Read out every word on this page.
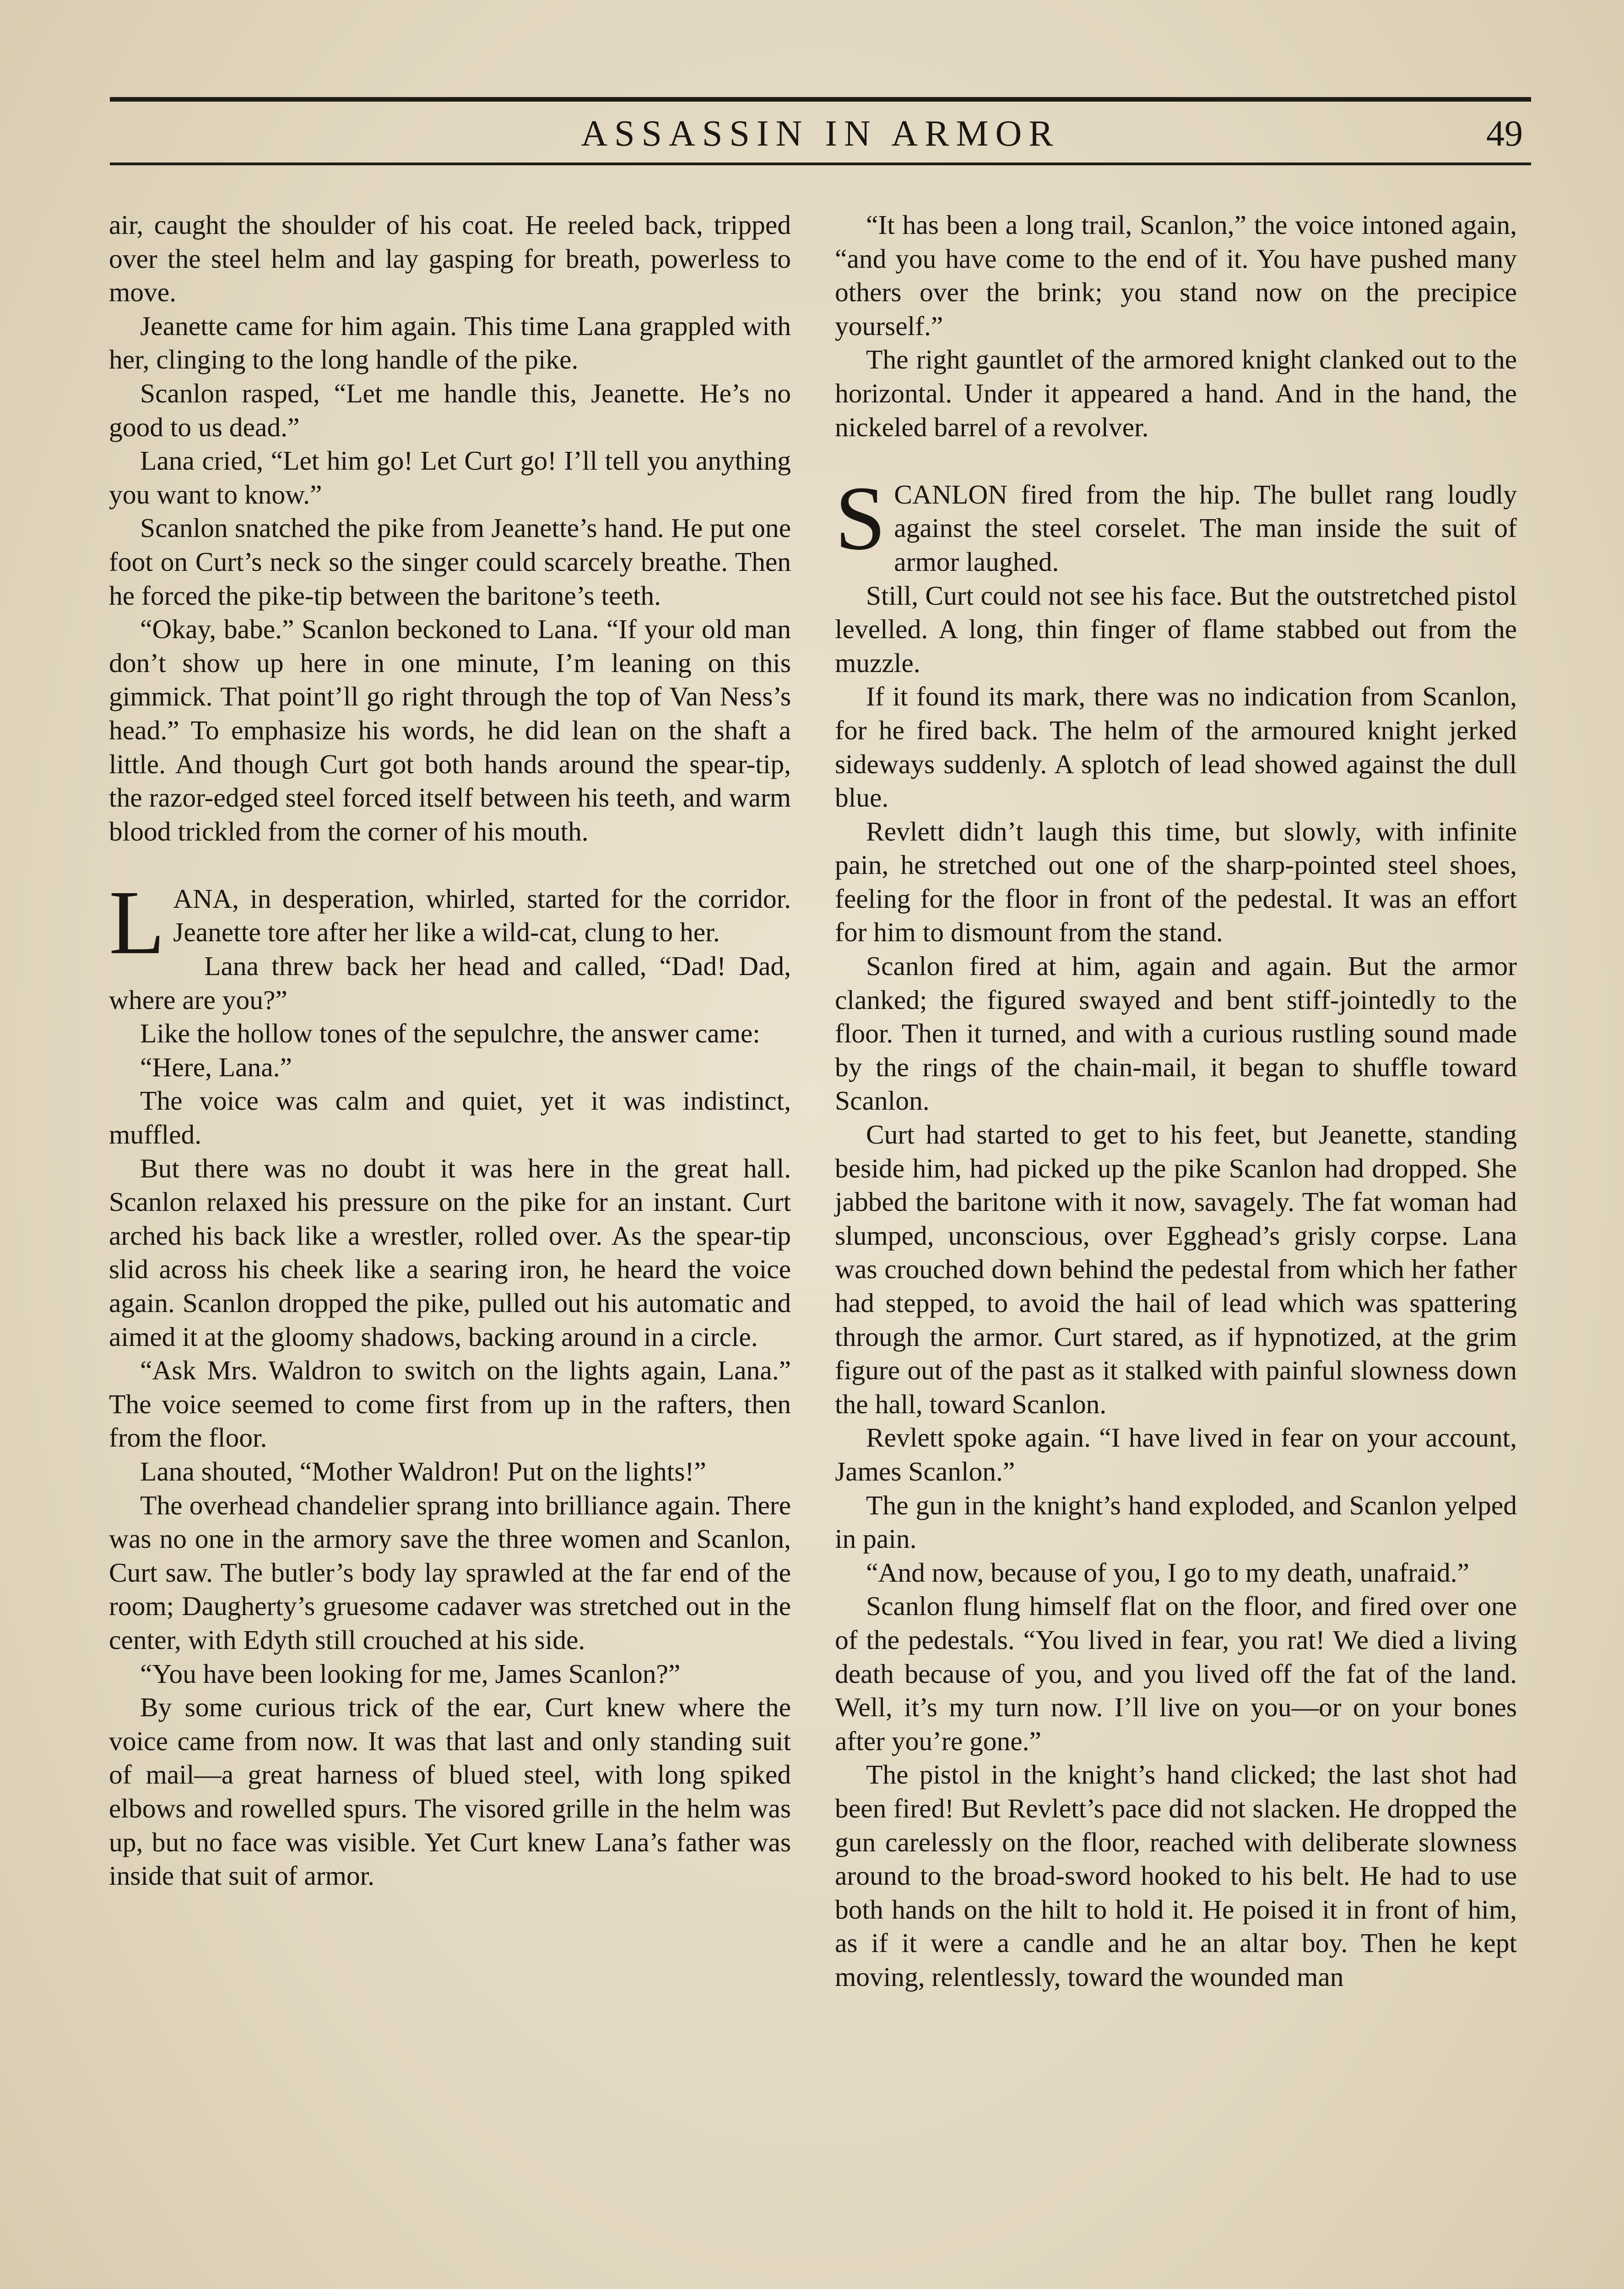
ASSASSIN IN ARMOR	49

air, caught the shoulder of his coat. He reeled back, tripped over the steel helm and lay gasping for breath, powerless to move.

Jeanette came for him again. This time Lana grappled with her, clinging to the long handle of the pike.

Scanlon rasped, “Let me handle this, Jeanette. He’s no good to us dead.”

Lana cried, “Let him go! Let Curt go! I’ll tell you anything you want to know.”

Scanlon snatched the pike from Jeanette’s hand. He put one foot on Curt’s neck so the singer could scarcely breathe. Then he forced the pike-tip between the baritone’s teeth.

“Okay, babe.” Scanlon beckoned to Lana. “If your old man don’t show up here in one minute, I’m leaning on this gimmick. That point’ll go right through the top of Van Ness’s head.” To emphasize his words, he did lean on the shaft a little. And though Curt got both hands around the spear-tip, the razor-edged steel forced itself between his teeth, and warm blood trickled from the corner of his mouth.

LANA, in desperation, whirled, started for the corridor. Jeanette tore after her like a wild-cat, clung to her.

Lana threw back her head and called, “Dad! Dad, where are you?”

Like the hollow tones of the sepulchre, the answer came:

“Here, Lana.”

The voice was calm and quiet, yet it was indistinct, muffled.

But there was no doubt it was here in the great hall. Scanlon relaxed his pressure on the pike for an instant. Curt arched his back like a wrestler, rolled over. As the spear-tip slid across his cheek like a searing iron, he heard the voice again. Scanlon dropped the pike, pulled out his automatic and aimed it at the gloomy shadows, backing around in a circle.

“Ask Mrs. Waldron to switch on the lights again, Lana.” The voice seemed to come first from up in the rafters, then from the floor.

Lana shouted, “Mother Waldron! Put on the lights!”

The overhead chandelier sprang into brilliance again. There was no one in the armory save the three women and Scanlon, Curt saw. The butler’s body lay sprawled at the far end of the room; Daugherty’s gruesome cadaver was stretched out in the center, with Edyth still crouched at his side.

“You have been looking for me, James Scanlon?”

By some curious trick of the ear, Curt knew where the voice came from now. It was that last and only standing suit of mail—a great harness of blued steel, with long spiked elbows and rowelled spurs. The visored grille in the helm was up, but no face was visible. Yet Curt knew Lana’s father was inside that suit of armor.

“It has been a long trail, Scanlon,” the voice intoned again, “and you have come to the end of it. You have pushed many others over the brink; you stand now on the precipice yourself.”

The right gauntlet of the armored knight clanked out to the horizontal. Under it appeared a hand. And in the hand, the nickeled barrel of a revolver.

SCANLON fired from the hip. The bullet rang loudly against the steel corselet. The man inside the suit of armor laughed.

Still, Curt could not see his face. But the outstretched pistol levelled. A long, thin finger of flame stabbed out from the muzzle.

If it found its mark, there was no indication from Scanlon, for he fired back. The helm of the armoured knight jerked sideways suddenly. A splotch of lead showed against the dull blue.

Revlett didn’t laugh this time, but slowly, with infinite pain, he stretched out one of the sharp-pointed steel shoes, feeling for the floor in front of the pedestal. It was an effort for him to dismount from the stand.

Scanlon fired at him, again and again. But the armor clanked; the figured swayed and bent stiff-jointedly to the floor. Then it turned, and with a curious rustling sound made by the rings of the chain-mail, it began to shuffle toward Scanlon.

Curt had started to get to his feet, but Jeanette, standing beside him, had picked up the pike Scanlon had dropped. She jabbed the baritone with it now, savagely. The fat woman had slumped, unconscious, over Egghead’s grisly corpse. Lana was crouched down behind the pedestal from which her father had stepped, to avoid the hail of lead which was spattering through the armor. Curt stared, as if hypnotized, at the grim figure out of the past as it stalked with painful slowness down the hall, toward Scanlon.

Revlett spoke again. “I have lived in fear on your account, James Scanlon.”

The gun in the knight’s hand exploded, and Scanlon yelped in pain.

“And now, because of you, I go to my death, unafraid.”

Scanlon flung himself flat on the floor, and fired over one of the pedestals. “You lived in fear, you rat! We died a living death because of you, and you lived off the fat of the land. Well, it’s my turn now. I’ll live on you—or on your bones after you’re gone.”

The pistol in the knight’s hand clicked; the last shot had been fired! But Revlett’s pace did not slacken. He dropped the gun carelessly on the floor, reached with deliberate slowness around to the broad-sword hooked to his belt. He had to use both hands on the hilt to hold it. He poised it in front of him, as if it were a candle and he an altar boy. Then he kept moving, relentlessly, toward the wounded man
